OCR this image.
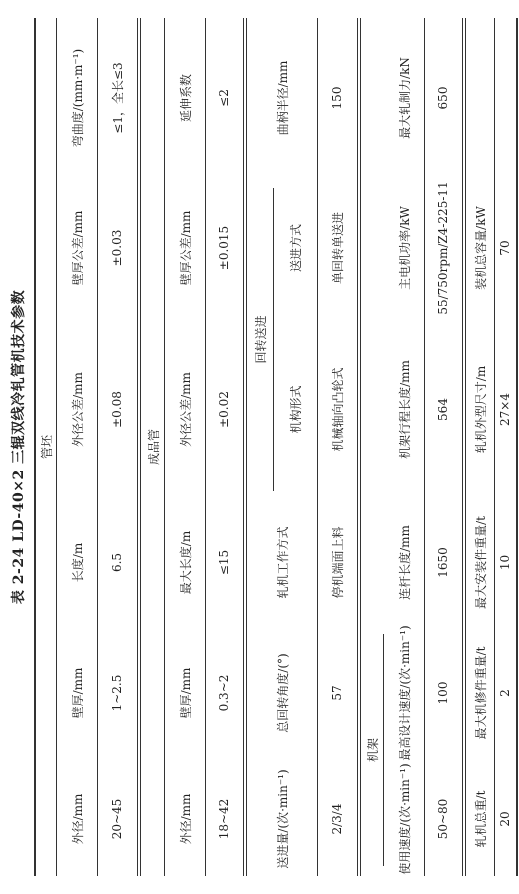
表 2-24 LD-40×2 三辊双线冷轧管机技术参数 管坯
外径/mm
壁厚/mm
长度/m
外径公差/mm
壁厚公差/mm
弯曲度/(mm·m⁻¹)
20~45
1~2.5
6.5
±0.08
±0.03
≤1，全长≤3
成品管
外径/mm
壁厚/mm
最大长度/m
外径公差/mm
壁厚公差/mm
延伸系数
18~42
0.3~2
≤15
±0.02
±0.015
≤2
送进量/(次·min⁻¹)
总回转角度/(°)
轧机工作方式
回转送进
机构形式
送进方式
曲柄半径/mm
2/3/4
57
停机端面上料
机械轴向凸轮式
单回转单送进
150
机架
使用速度/(次·min⁻¹)
最高设计速度/(次·min⁻¹)
连杆长度/mm
机架行程长度/mm
主电机功率/kW
最大轧制力/kN
50~80
100
1650
564
55/750rpm/Z4-225-11
650
轧机总重/t
最大机修件重量/t
最大安装件重量/t
轧机外型尺寸/m
装机总容量/kW
20
2
10
27×4
70
